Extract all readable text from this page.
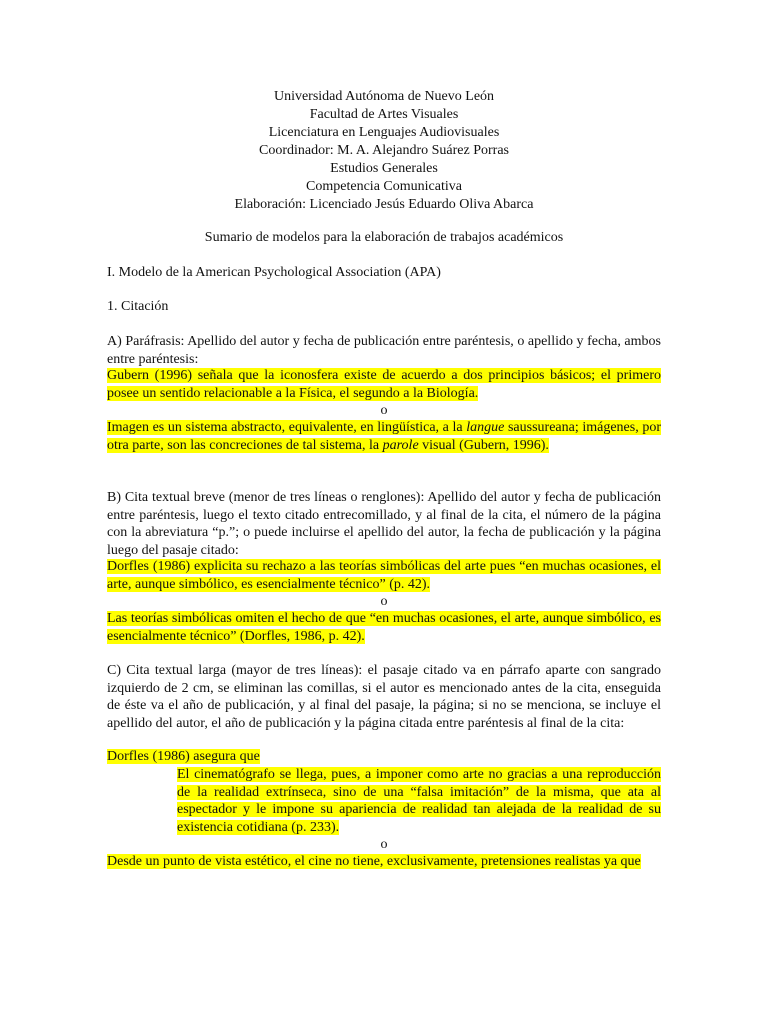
Universidad Autónoma de Nuevo León
Facultad de Artes Visuales
Licenciatura en Lenguajes Audiovisuales
Coordinador: M. A. Alejandro Suárez Porras
Estudios Generales
Competencia Comunicativa
Elaboración: Licenciado Jesús Eduardo Oliva Abarca
Sumario de modelos para la elaboración de trabajos académicos
I. Modelo de la American Psychological Association (APA)
1. Citación
A) Paráfrasis: Apellido del autor y fecha de publicación entre paréntesis, o apellido y fecha, ambos entre paréntesis:
Gubern (1996) señala que la iconosfera existe de acuerdo a dos principios básicos; el primero posee un sentido relacionable a la Física, el segundo a la Biología.
o
Imagen es un sistema abstracto, equivalente, en lingüística, a la langue saussureana; imágenes, por otra parte, son las concreciones de tal sistema, la parole visual (Gubern, 1996).
B) Cita textual breve (menor de tres líneas o renglones): Apellido del autor y fecha de publicación entre paréntesis, luego el texto citado entrecomillado, y al final de la cita, el número de la página con la abreviatura “p.”; o puede incluirse el apellido del autor, la fecha de publicación y la página luego del pasaje citado:
Dorfles (1986) explicita su rechazo a las teorías simbólicas del arte pues “en muchas ocasiones, el arte, aunque simbólico, es esencialmente técnico” (p. 42).
o
Las teorías simbólicas omiten el hecho de que “en muchas ocasiones, el arte, aunque simbólico, es esencialmente técnico” (Dorfles, 1986, p. 42).
C) Cita textual larga (mayor de tres líneas): el pasaje citado va en párrafo aparte con sangrado izquierdo de 2 cm, se eliminan las comillas, si el autor es mencionado antes de la cita, enseguida de éste va el año de publicación, y al final del pasaje, la página; si no se menciona, se incluye el apellido del autor, el año de publicación y la página citada entre paréntesis al final de la cita:
Dorfles (1986) asegura que
El cinematógrafo se llega, pues, a imponer como arte no gracias a una reproducción de la realidad extrínseca, sino de una “falsa imitación” de la misma, que ata al espectador y le impone su apariencia de realidad tan alejada de la realidad de su existencia cotidiana (p. 233).
o
Desde un punto de vista estético, el cine no tiene, exclusivamente, pretensiones realistas ya que
